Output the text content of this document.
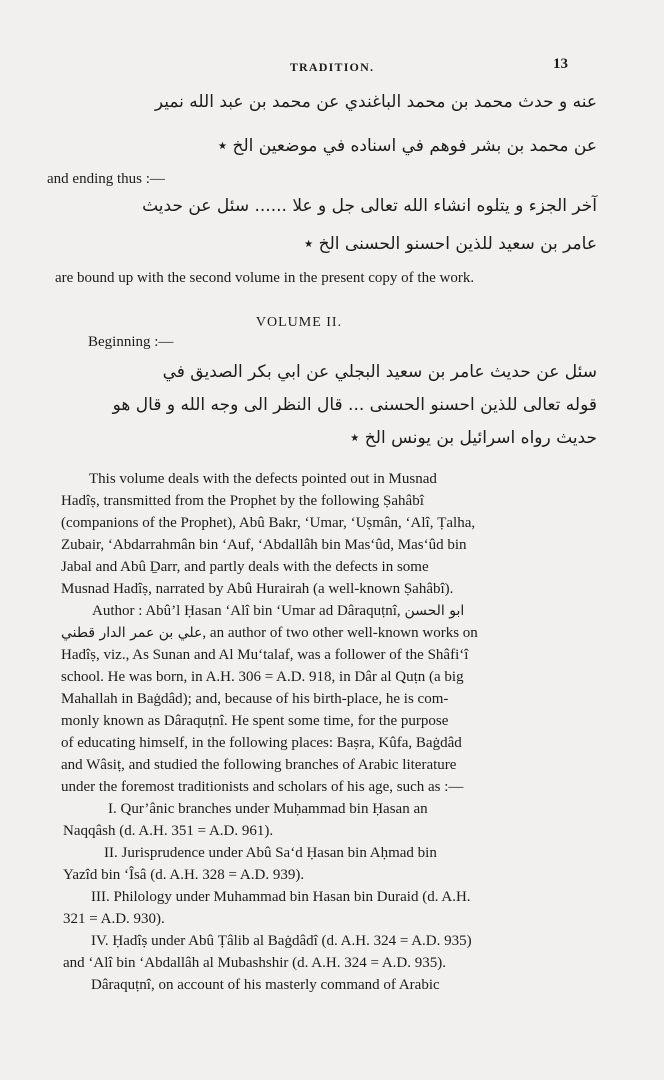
TRADITION.	13
عنه و حدث محمد بن محمد الباغندي عن محمد بن عبد الله نمير
عن محمد بن بشر فوهم في اسناده في موضعين الخ ٭
and ending thus :—
آخر الجزء و يتلوه انشاء الله تعالى جل و علا ...... سئل عن حديث
عامر بن سعيد للذين احسنو الحسنى الخ ٭
are bound up with the second volume in the present copy of the work.
VOLUME II.
Beginning :—
سئل عن حديث عامر بن سعيد البجلي عن ابي بكر الصديق في
قوله تعالى للذين احسنو الحسنى ... قال النظر الى وجه الله و قال هو
حديث رواه اسرائيل بن يونس الخ ٭
This volume deals with the defects pointed out in Musnad
Hadîṣ, transmitted from the Prophet by the following Ṣahâbî
(companions of the Prophet), Abû Bakr, ‘Umar, ‘Uṣmân, ‘Alî, Ṭalha,
Zubair, ‘Abdarrahmân bin ‘Auf, ‘Abdallâh bin Mas‘ûd, Mas‘ûd bin
Jabal and Abû Ḏarr, and partly deals with the defects in some
Musnad Hadîṣ, narrated by Abû Hurairah (a well-known Ṣahâbî).
Author : Abû’l Ḥasan ‘Alî bin ‘Umar ad Dâraquṭnî, ابو الحسن
علي بن عمر الدار قطني, an author of two other well-known works on
Hadîṣ, viz., As Sunan and Al Mu‘talaf, was a follower of the Shâfi‘î
school. He was born, in A.H. 306 = A.D. 918, in Dâr al Quṭn (a big
Mahallah in Baġdâd); and, because of his birth-place, he is com-
monly known as Dâraquṭnî. He spent some time, for the purpose
of educating himself, in the following places: Baṣra, Kûfa, Baġdâd
and Wâsiṭ, and studied the following branches of Arabic literature
under the foremost traditionists and scholars of his age, such as :—
I. Qur’ânic branches under Muḥammad bin Ḥasan an
Naqqâsh (d. A.H. 351 = A.D. 961).
II. Jurisprudence under Abû Sa‘d Ḥasan bin Aḥmad bin
Yazîd bin ‘Îsâ (d. A.H. 328 = A.D. 939).
III. Philology under Muhammad bin Hasan bin Duraid (d. A.H.
321 = A.D. 930).
IV. Ḥadîṣ under Abû Ṭâlib al Baġdâdî (d. A.H. 324 = A.D. 935)
and ‘Alî bin ‘Abdallâh al Mubashshir (d. A.H. 324 = A.D. 935).
Dâraquṭnî, on account of his masterly command of Arabic
